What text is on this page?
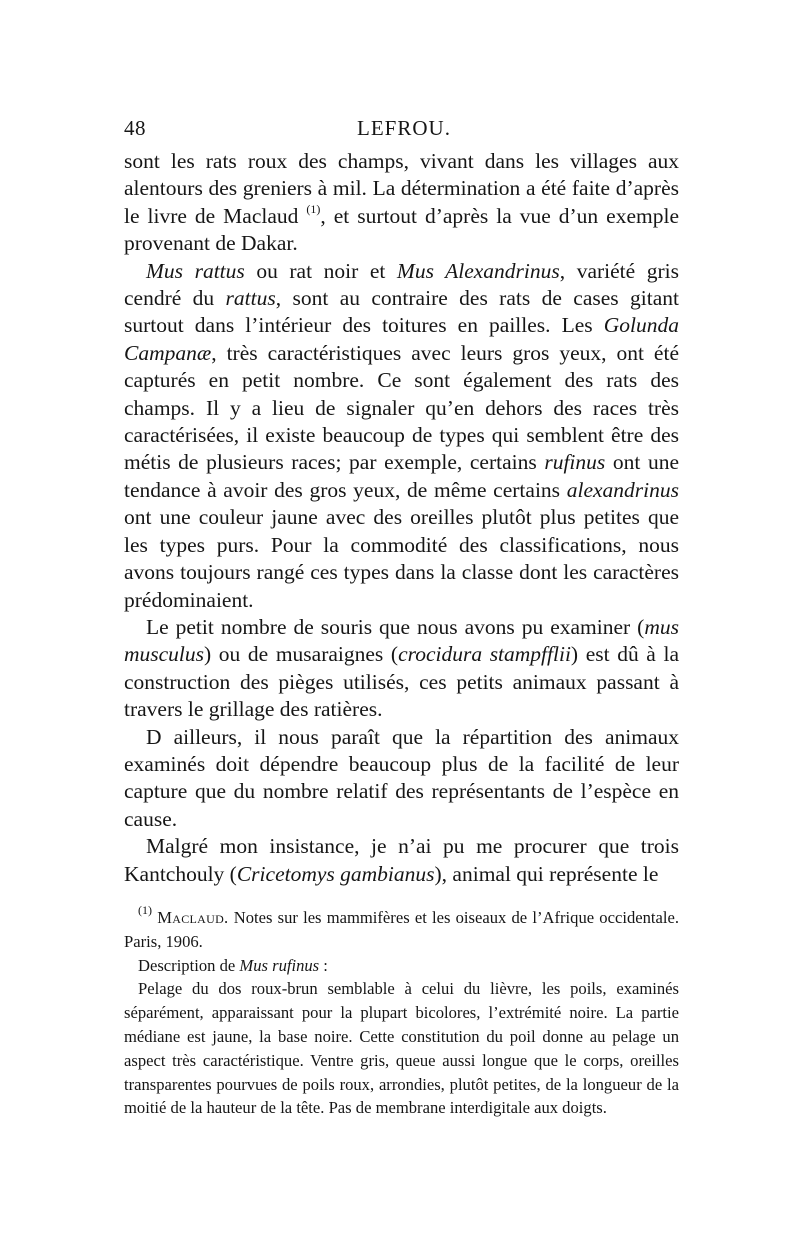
48	LEFROU.

sont les rats roux des champs, vivant dans les villages aux alentours des greniers à mil. La détermination a été faite d’après le livre de Maclaud $^{(1)}$, et surtout d’après la vue d’un exemple provenant de Dakar.

Mus rattus ou rat noir et Mus Alexandrinus, variété gris cendré du rattus, sont au contraire des rats de cases gitant surtout dans l’intérieur des toitures en pailles. Les Golunda Campanæ, très caractéristiques avec leurs gros yeux, ont été capturés en petit nombre. Ce sont également des rats des champs. Il y a lieu de signaler qu’en dehors des races très caractérisées, il existe beaucoup de types qui semblent être des métis de plusieurs races; par exemple, certains rufinus ont une tendance à avoir des gros yeux, de même certains alexandrinus ont une couleur jaune avec des oreilles plutôt plus petites que les types purs. Pour la commodité des classifications, nous avons toujours rangé ces types dans la classe dont les caractères prédominaient.

Le petit nombre de souris que nous avons pu examiner (mus musculus) ou de musaraignes (crocidura stampfflii) est dû à la construction des pièges utilisés, ces petits animaux passant à travers le grillage des ratières.

D ailleurs, il nous paraît que la répartition des animaux examinés doit dépendre beaucoup plus de la facilité de leur capture que du nombre relatif des représentants de l’espèce en cause.

Malgré mon insistance, je n’ai pu me procurer que trois Kantchouly (Cricetomys gambianus), animal qui représente le

$^{(1)}$ Maclaud. Notes sur les mammifères et les oiseaux de l’Afrique occidentale. Paris, 1906.

Description de Mus rufinus :

Pelage du dos roux-brun semblable à celui du lièvre, les poils, examinés séparément, apparaissant pour la plupart bicolores, l’extrémité noire. La partie médiane est jaune, la base noire. Cette constitution du poil donne au pelage un aspect très caractéristique. Ventre gris, queue aussi longue que le corps, oreilles transparentes pourvues de poils roux, arrondies, plutôt petites, de la longueur de la moitié de la hauteur de la tête. Pas de membrane interdigitale aux doigts.
